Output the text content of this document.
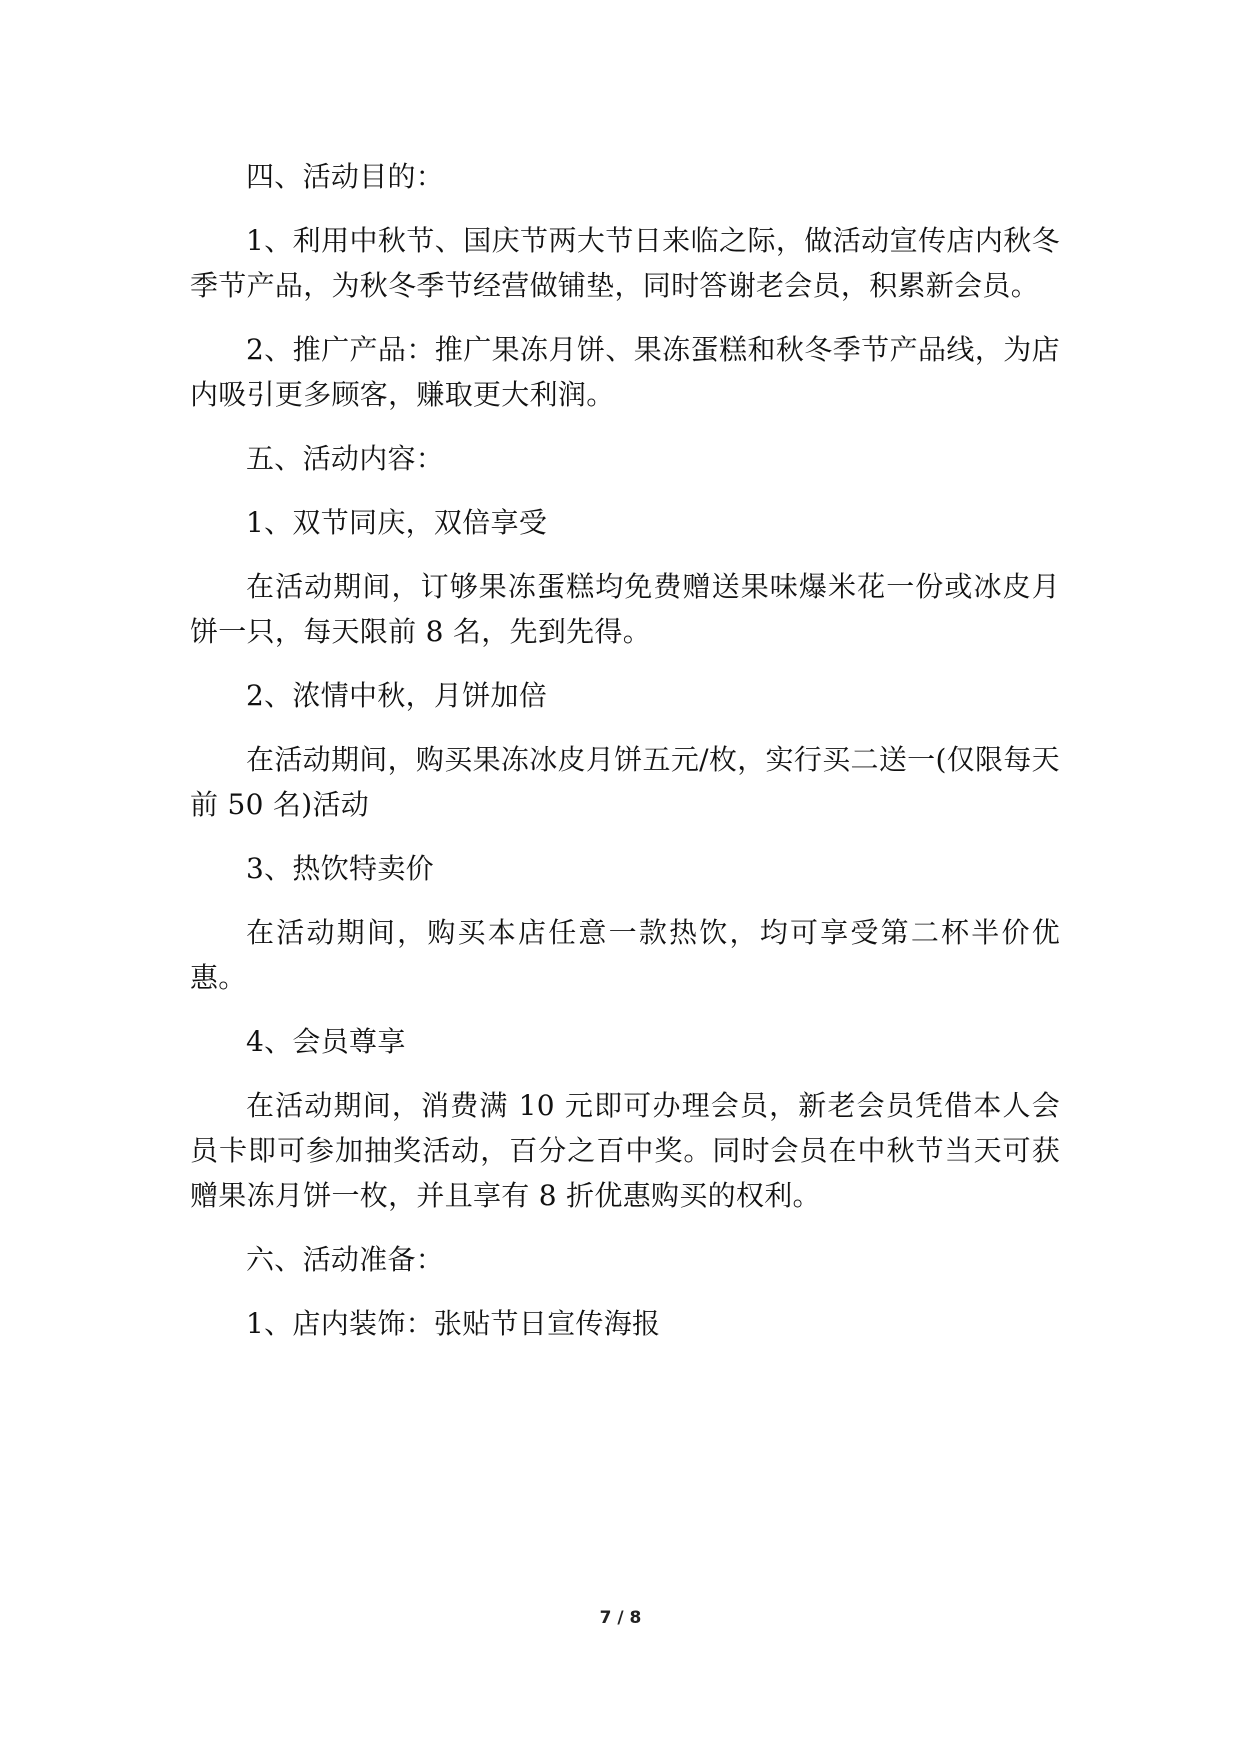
四、活动目的：

1、利用中秋节、国庆节两大节日来临之际，做活动宣传店内秋冬季节产品，为秋冬季节经营做铺垫，同时答谢老会员，积累新会员。

2、推广产品：推广果冻月饼、果冻蛋糕和秋冬季节产品线，为店内吸引更多顾客，赚取更大利润。

五、活动内容：

1、双节同庆，双倍享受

在活动期间，订够果冻蛋糕均免费赠送果味爆米花一份或冰皮月饼一只，每天限前 8 名，先到先得。

2、浓情中秋，月饼加倍

在活动期间，购买果冻冰皮月饼五元/枚，实行买二送一(仅限每天前 50 名)活动

3、热饮特卖价

在活动期间，购买本店任意一款热饮，均可享受第二杯半价优惠。

4、会员尊享

在活动期间，消费满 10 元即可办理会员，新老会员凭借本人会员卡即可参加抽奖活动，百分之百中奖。同时会员在中秋节当天可获赠果冻月饼一枚，并且享有 8 折优惠购买的权利。

六、活动准备：

1、店内装饰：张贴节日宣传海报

7 / 8
